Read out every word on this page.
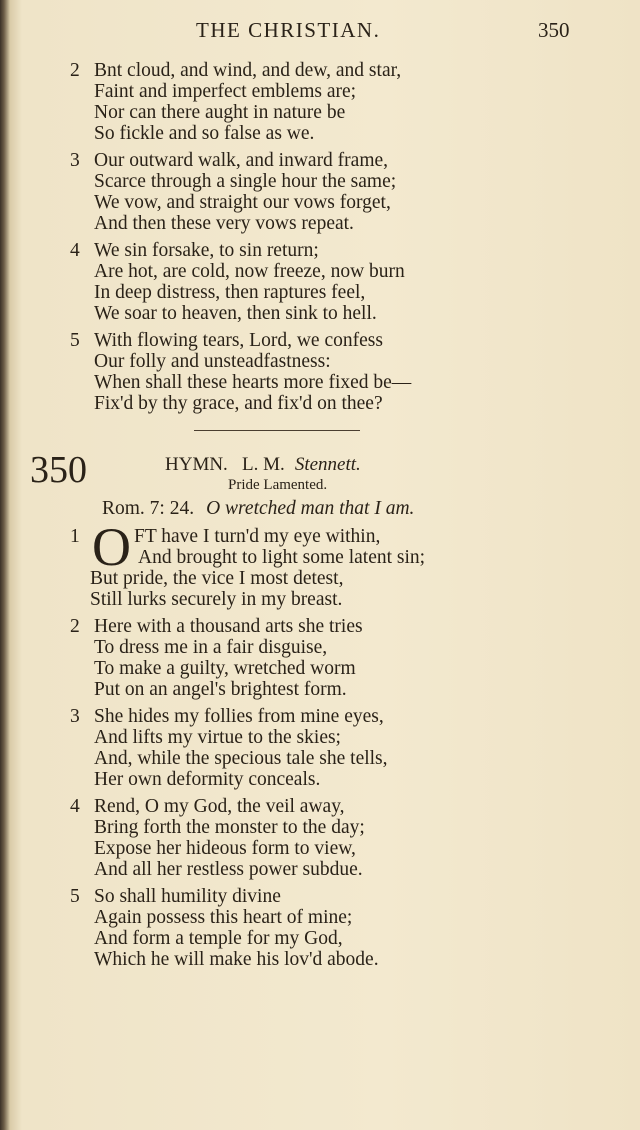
THE CHRISTIAN.	350
2 Bnt cloud, and wind, and dew, and star,
Faint and imperfect emblems are;
Nor can there aught in nature be
So fickle and so false as we.
3 Our outward walk, and inward frame,
Scarce through a single hour the same;
We vow, and straight our vows forget,
And then these very vows repeat.
4 We sin forsake, to sin return;
Are hot, are cold, now freeze, now burn
In deep distress, then raptures feel,
We soar to heaven, then sink to hell.
5 With flowing tears, Lord, we confess
Our folly and unsteadfastness:
When shall these hearts more fixed be—
Fix'd by thy grace, and fix'd on thee?
350	HYMN.   L. M. Stennett.
Pride Lamented.
Rom. 7: 24. O wretched man that I am.
O
1	FT have I turn'd my eye within,
And brought to light some latent sin;
But pride, the vice I most detest,
Still lurks securely in my breast.
2 Here with a thousand arts she tries
To dress me in a fair disguise,
To make a guilty, wretched worm
Put on an angel's brightest form.
3 She hides my follies from mine eyes,
And lifts my virtue to the skies;
And, while the specious tale she tells,
Her own deformity conceals.
4 Rend, O my God, the veil away,
Bring forth the monster to the day;
Expose her hideous form to view,
And all her restless power subdue.
5 So shall humility divine
Again possess this heart of mine;
And form a temple for my God,
Which he will make his lov'd abode.
